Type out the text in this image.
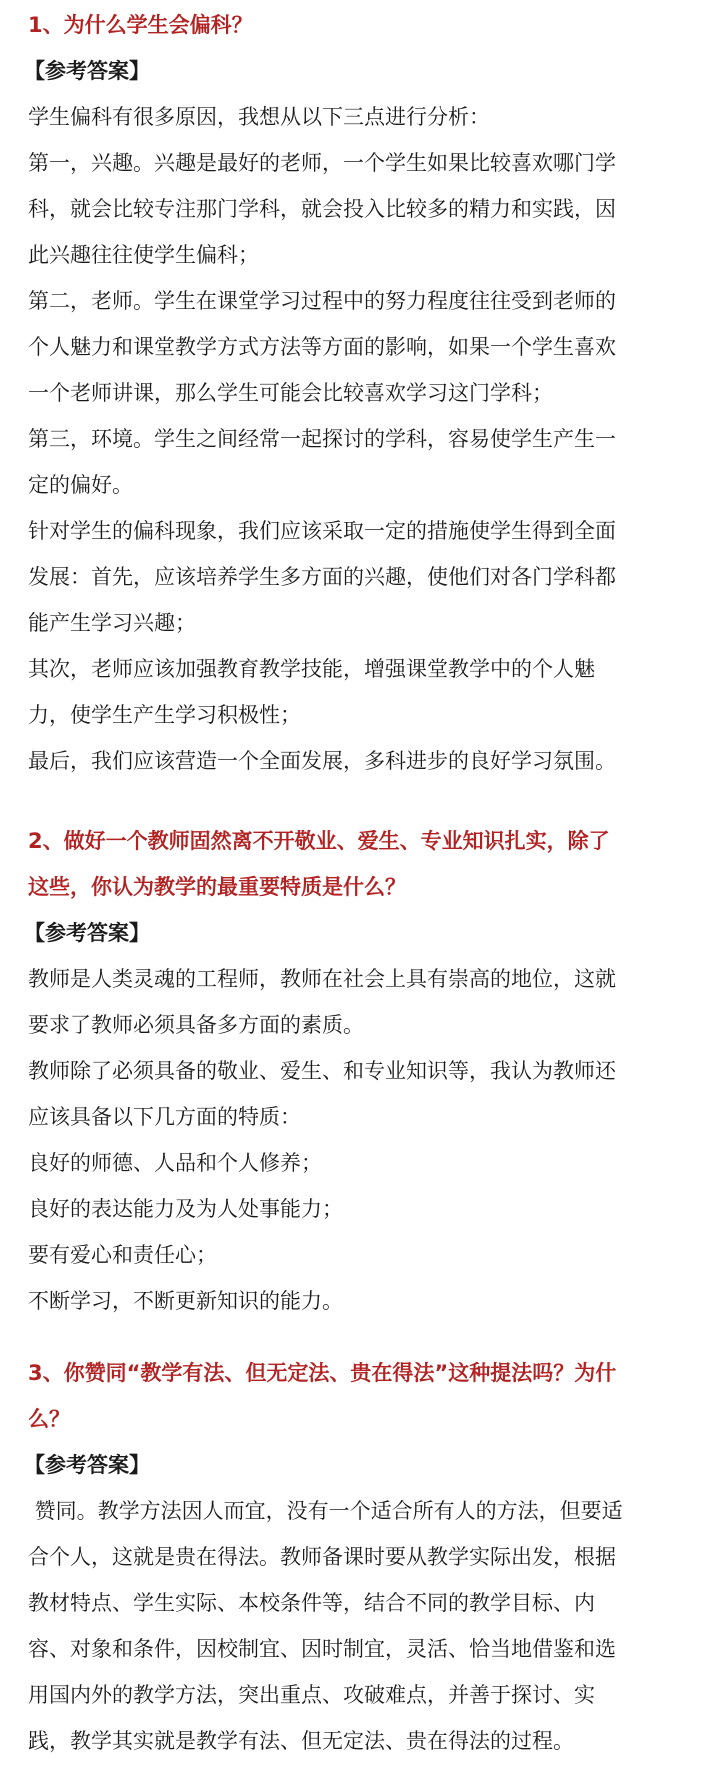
1、为什么学生会偏科？

【参考答案】

学生偏科有很多原因，我想从以下三点进行分析：

第一，兴趣。兴趣是最好的老师，一个学生如果比较喜欢哪门学

科，就会比较专注那门学科，就会投入比较多的精力和实践，因

此兴趣往往使学生偏科；

第二，老师。学生在课堂学习过程中的努力程度往往受到老师的

个人魅力和课堂教学方式方法等方面的影响，如果一个学生喜欢

一个老师讲课，那么学生可能会比较喜欢学习这门学科；

第三，环境。学生之间经常一起探讨的学科，容易使学生产生一

定的偏好。

针对学生的偏科现象，我们应该采取一定的措施使学生得到全面

发展：首先，应该培养学生多方面的兴趣，使他们对各门学科都

能产生学习兴趣；

其次，老师应该加强教育教学技能，增强课堂教学中的个人魅

力，使学生产生学习积极性；

最后，我们应该营造一个全面发展，多科进步的良好学习氛围。

2、做好一个教师固然离不开敬业、爱生、专业知识扎实，除了

这些，你认为教学的最重要特质是什么？

【参考答案】

教师是人类灵魂的工程师，教师在社会上具有崇高的地位，这就

要求了教师必须具备多方面的素质。

教师除了必须具备的敬业、爱生、和专业知识等，我认为教师还

应该具备以下几方面的特质：

良好的师德、人品和个人修养；

良好的表达能力及为人处事能力；

要有爱心和责任心；

不断学习，不断更新知识的能力。

3、你赞同“教学有法、但无定法、贵在得法”这种提法吗？为什

么？

【参考答案】

赞同。教学方法因人而宜，没有一个适合所有人的方法，但要适

合个人，这就是贵在得法。教师备课时要从教学实际出发，根据

教材特点、学生实际、本校条件等，结合不同的教学目标、内

容、对象和条件，因校制宜、因时制宜，灵活、恰当地借鉴和选

用国内外的教学方法，突出重点、攻破难点，并善于探讨、实

践，教学其实就是教学有法、但无定法、贵在得法的过程。
